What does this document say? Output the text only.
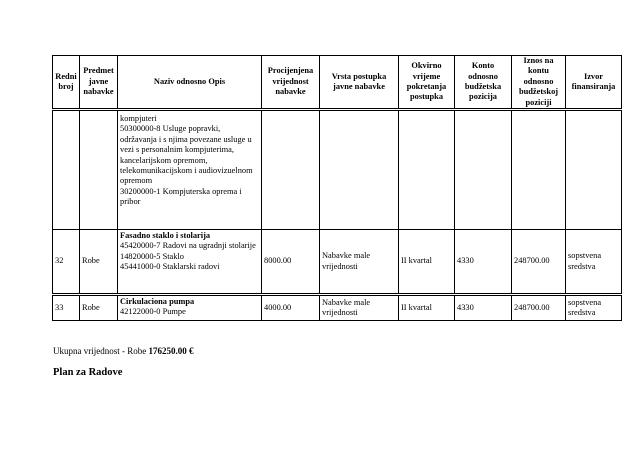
Redni broj	Predmet javne nabavke	Naziv odnosno Opis	Procijenjena vrijednost nabavke	Vrsta postupka javne nabavke	Okvirno vrijeme pokretanja postupka	Konto odnosno budžetska pozicija	Iznos na kontu odnosno budžetskoj poziciji	Izvor finansiranja

		kompjuteri
50300000-8 Usluge popravki, održavanja i s njima povezane usluge u vezi s personalnim kompjuterima, kancelarijskom opremom, telekomunikacijskom i audiovizuelnom opremom
30200000-1 Kompjuterska oprema i pribor						

32	Robe	Fasadno staklo i stolarija
45420000-7 Radovi na ugradnji stolarije
14820000-5 Staklo
45441000-0 Staklarski radovi	8000.00	Nabavke male vrijednosti	II kvartal	4330	248700.00	sopstvena sredstva

33	Robe	Cirkulaciona pumpa
42122000-0 Pumpe	4000.00	Nabavke male vrijednosti	II kvartal	4330	248700.00	sopstvena sredstva
Ukupna vrijednost - Robe 176250.00 €
Plan za Radove
